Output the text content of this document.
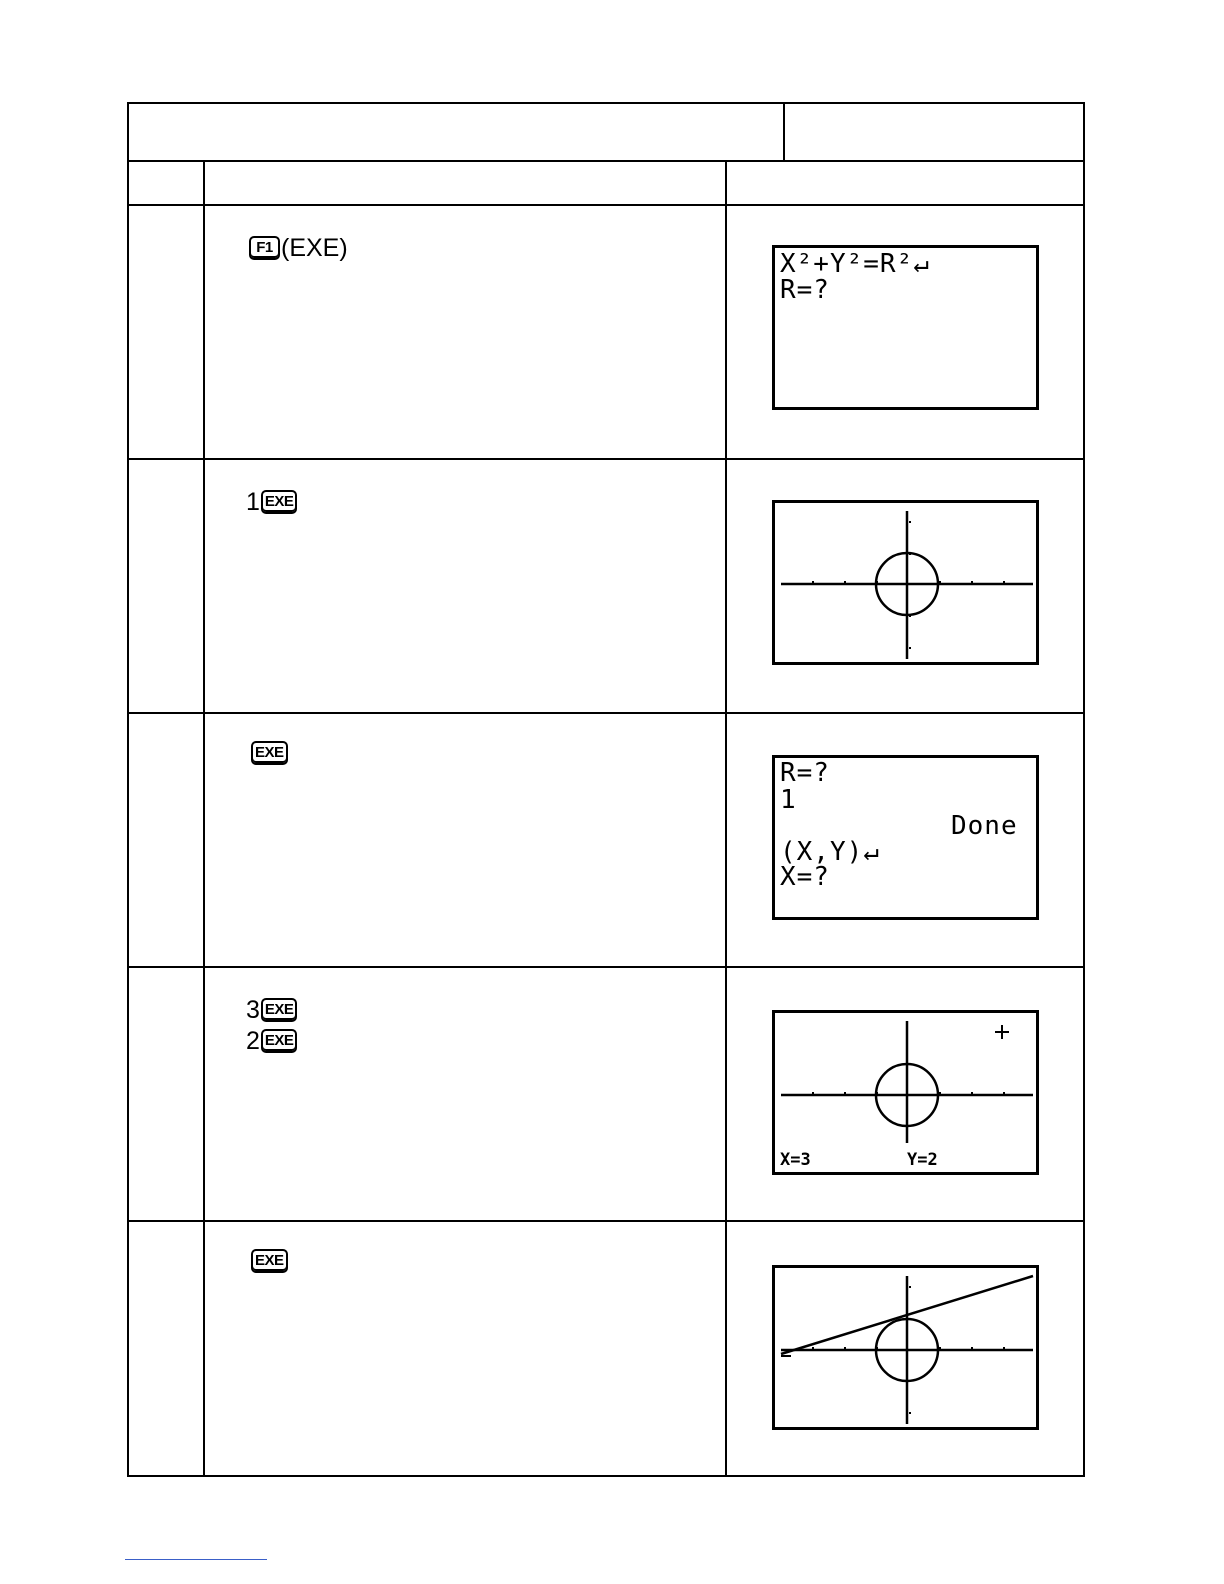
F1 (EXE)
X²+Y²=R²↵
R=?
1 EXE
EXE
R=?
1
Done
(X,Y)↵
X=?
3 EXE
2 EXE
X=3	Y=2
EXE
